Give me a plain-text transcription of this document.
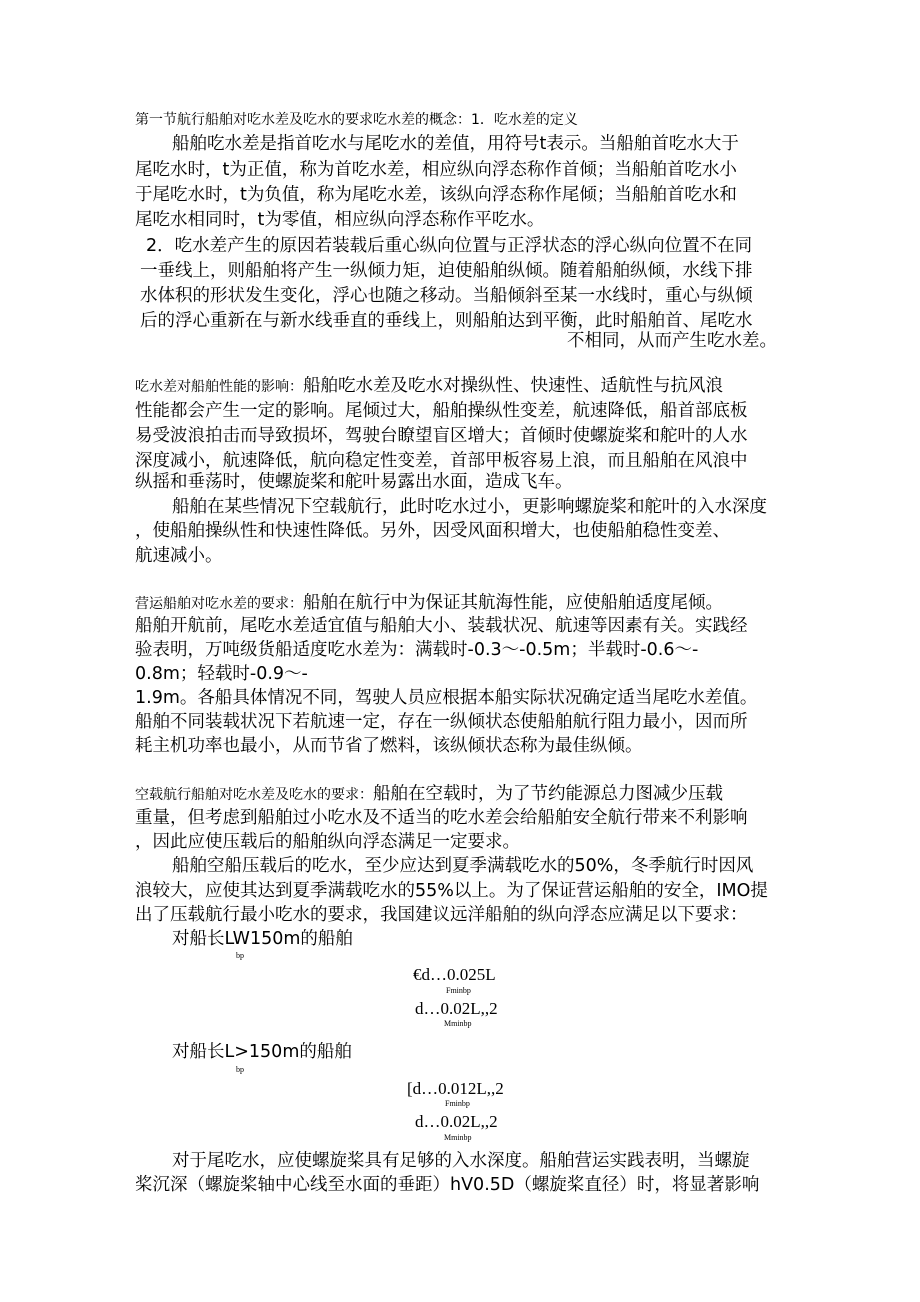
第一节航行船舶对吃水差及吃水的要求吃水差的概念：1．吃水差的定义
船舶吃水差是指首吃水与尾吃水的差值，用符号t表示。当船舶首吃水大于
尾吃水时，t为正值，称为首吃水差，相应纵向浮态称作首倾；当船舶首吃水小
于尾吃水时，t为负值，称为尾吃水差，该纵向浮态称作尾倾；当船舶首吃水和
尾吃水相同时，t为零值，相应纵向浮态称作平吃水。
2．吃水差产生的原因若装载后重心纵向位置与正浮状态的浮心纵向位置不在同
一垂线上，则船舶将产生一纵倾力矩，迫使船舶纵倾。随着船舶纵倾，水线下排
水体积的形状发生变化，浮心也随之移动。当船倾斜至某一水线时，重心与纵倾
后的浮心重新在与新水线垂直的垂线上，则船舶达到平衡，此时船舶首、尾吃水
不相同，从而产生吃水差。
吃水差对船舶性能的影响：船舶吃水差及吃水对操纵性、快速性、适航性与抗风浪
性能都会产生一定的影响。尾倾过大，船舶操纵性变差，航速降低，船首部底板
易受波浪拍击而导致损坏，驾驶台瞭望盲区增大；首倾时使螺旋桨和舵叶的人水
深度减小，航速降低，航向稳定性变差，首部甲板容易上浪，而且船舶在风浪中
纵摇和垂荡时，使螺旋桨和舵叶易露出水面，造成飞车。
船舶在某些情况下空载航行，此时吃水过小，更影响螺旋桨和舵叶的入水深度
，使船舶操纵性和快速性降低。另外，因受风面积增大，也使船舶稳性变差、
航速减小。
营运船舶对吃水差的要求：船舶在航行中为保证其航海性能，应使船舶适度尾倾。
船舶开航前，尾吃水差适宜值与船舶大小、装载状况、航速等因素有关。实践经
验表明，万吨级货船适度吃水差为：满载时-0.3～-0.5m；半载时-0.6～-
0.8m；轻载时-0.9～-
1.9m。各船具体情况不同，驾驶人员应根据本船实际状况确定适当尾吃水差值。
船舶不同装载状况下若航速一定，存在一纵倾状态使船舶航行阻力最小，因而所
耗主机功率也最小，从而节省了燃料，该纵倾状态称为最佳纵倾。
空载航行船舶对吃水差及吃水的要求：船舶在空载时，为了节约能源总力图减少压载
重量，但考虑到船舶过小吃水及不适当的吃水差会给船舶安全航行带来不利影响
，因此应使压载后的船舶纵向浮态满足一定要求。
船舶空船压载后的吃水，至少应达到夏季满载吃水的50%，冬季航行时因风
浪较大，应使其达到夏季满载吃水的55%以上。为了保证营运船舶的安全，IMO提
出了压载航行最小吃水的要求，我国建议远洋船舶的纵向浮态应满足以下要求：
对船长LW150m的船舶
bp
€d…0.025L
Fminbp
d…0.02L,,2
Mminbp
对船长L>150m的船舶
bp
[d…0.012L,,2
Fminbp
d…0.02L,,2
Mminbp
对于尾吃水，应使螺旋桨具有足够的入水深度。船舶营运实践表明，当螺旋
桨沉深（螺旋桨轴中心线至水面的垂距）hV0.5D（螺旋桨直径）时，将显著影响
